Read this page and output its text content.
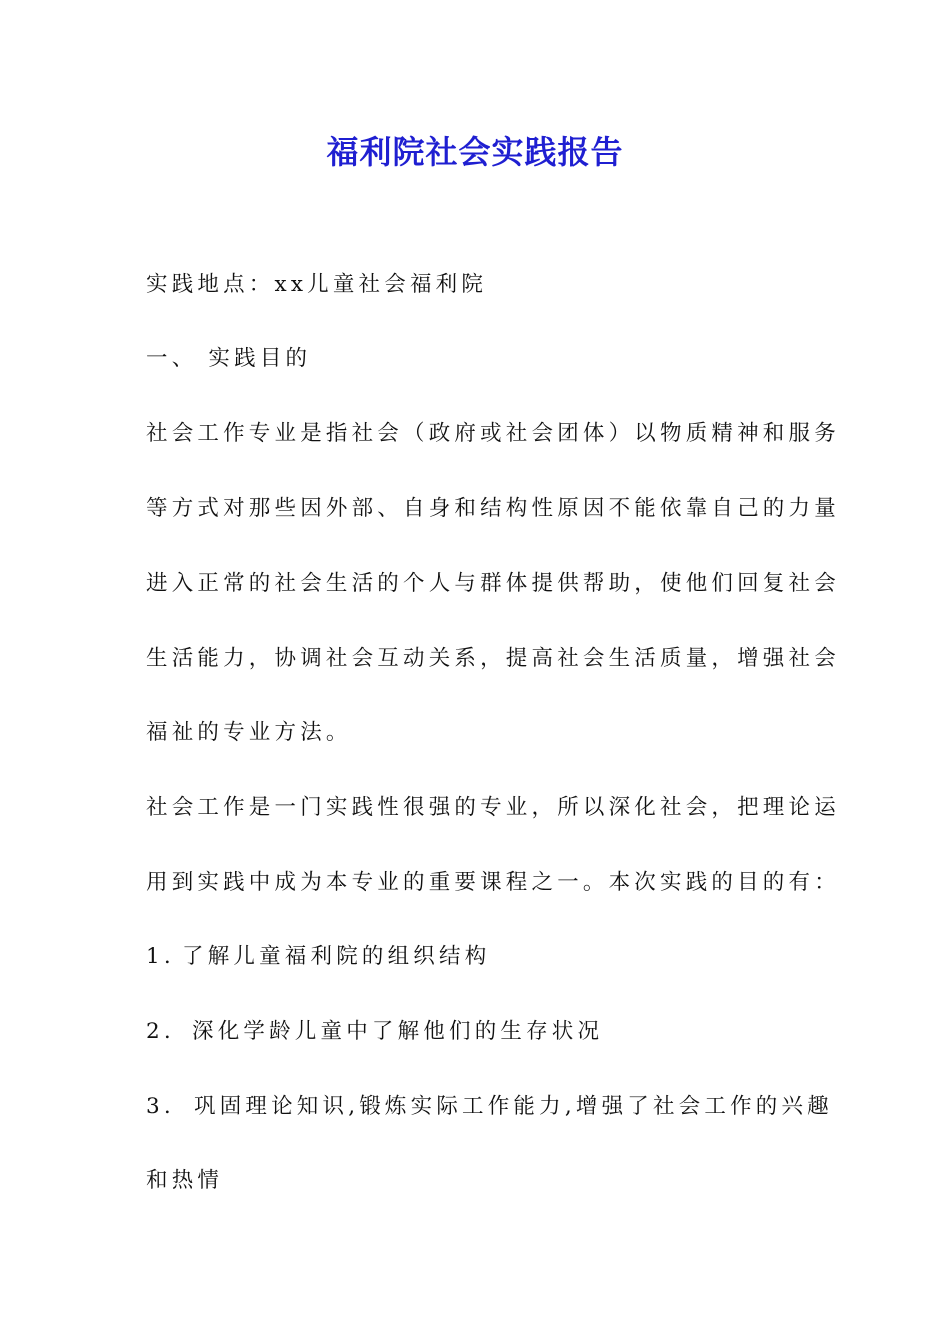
福利院社会实践报告
实践地点：xx儿童社会福利院
一、 实践目的
社会工作专业是指社会（政府或社会团体）以物质精神和服务
等方式对那些因外部、自身和结构性原因不能依靠自己的力量
进入正常的社会生活的个人与群体提供帮助，使他们回复社会
生活能力，协调社会互动关系，提高社会生活质量，增强社会
福祉的专业方法。
社会工作是一门实践性很强的专业，所以深化社会，把理论运
用到实践中成为本专业的重要课程之一。本次实践的目的有：
1. 了解儿童福利院的组织结构
2. 深化学龄儿童中了解他们的生存状况
3. 巩固理论知识,锻炼实际工作能力,增强了社会工作的兴趣
和热情
